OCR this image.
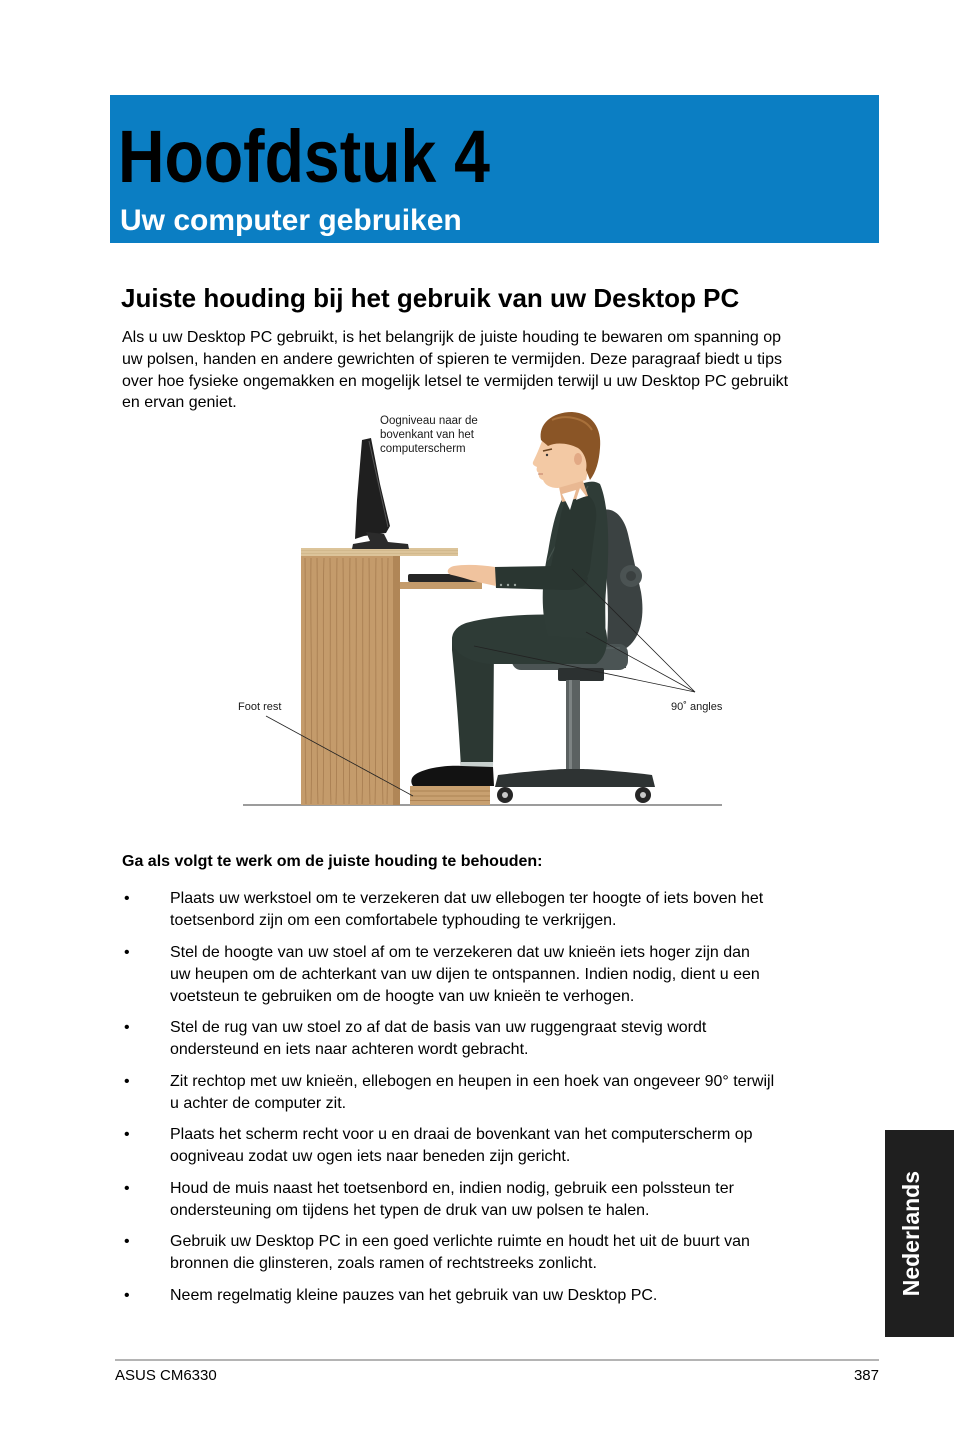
Hoofdstuk 4
Uw computer gebruiken
Juiste houding bij het gebruik van uw Desktop PC

Als u uw Desktop PC gebruikt, is het belangrijk de juiste houding te bewaren om spanning op
uw polsen, handen en andere gewrichten of spieren te vermijden. Deze paragraaf biedt u tips
over hoe fysieke ongemakken en mogelijk letsel te vermijden terwijl u uw Desktop PC gebruikt
en ervan geniet.

Oogniveau naar de
bovenkant van het
computerscherm
Foot rest	90˚ angles

Ga als volgt te werk om de juiste houding te behouden:

•	Plaats uw werkstoel om te verzekeren dat uw ellebogen ter hoogte of iets boven het
toetsenbord zijn om een comfortabele typhouding te verkrijgen.
•	Stel de hoogte van uw stoel af om te verzekeren dat uw knieën iets hoger zijn dan
uw heupen om de achterkant van uw dijen te ontspannen. Indien nodig, dient u een
voetsteun te gebruiken om de hoogte van uw knieën te verhogen.
•	Stel de rug van uw stoel zo af dat de basis van uw ruggengraat stevig wordt
ondersteund en iets naar achteren wordt gebracht.
•	Zit rechtop met uw knieën, ellebogen en heupen in een hoek van ongeveer 90° terwijl
u achter de computer zit.
•	Plaats het scherm recht voor u en draai de bovenkant van het computerscherm op
oogniveau zodat uw ogen iets naar beneden zijn gericht.
•	Houd de muis naast het toetsenbord en, indien nodig, gebruik een polssteun ter
ondersteuning om tijdens het typen de druk van uw polsen te halen.
•	Gebruik uw Desktop PC in een goed verlichte ruimte en houdt het uit de buurt van
bronnen die glinsteren, zoals ramen of rechtstreeks zonlicht.
•	Neem regelmatig kleine pauzes van het gebruik van uw Desktop PC.	Nederlands
ASUS CM6330	387
